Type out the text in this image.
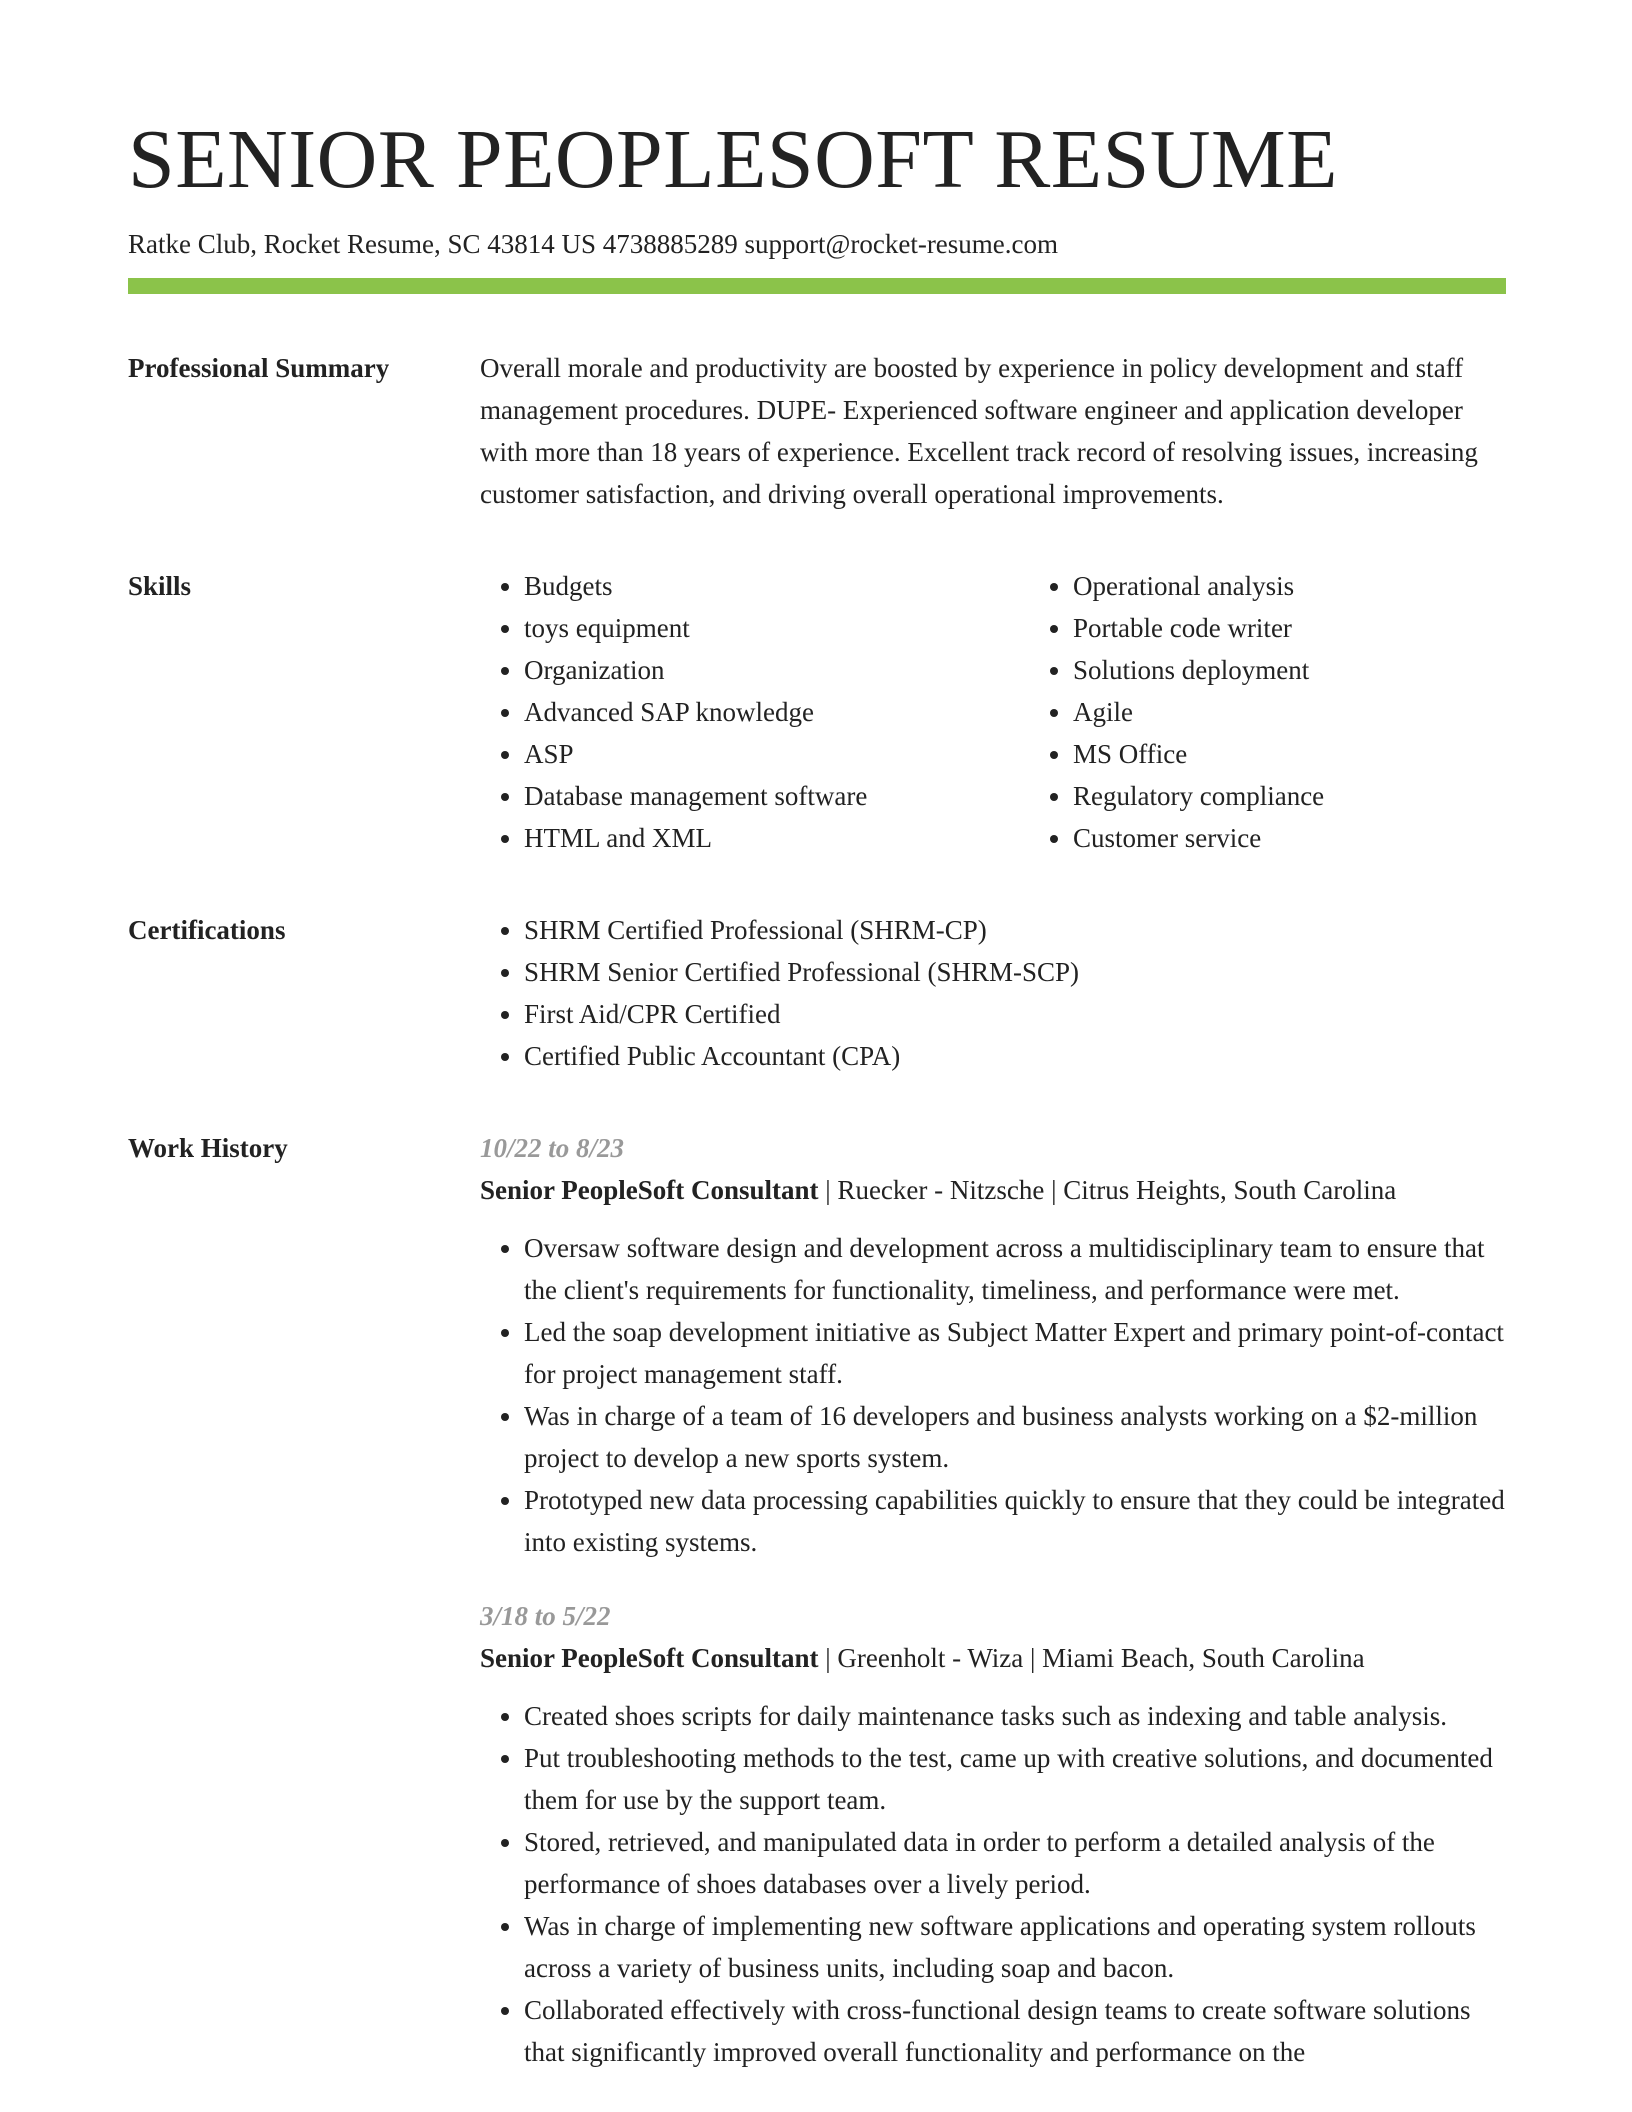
SENIOR PEOPLESOFT RESUME
Ratke Club, Rocket Resume, SC 43814 US 4738885289 support@rocket-resume.com
Professional Summary	Overall morale and productivity are boosted by experience in policy development and staff management procedures. DUPE- Experienced software engineer and application developer with more than 18 years of experience. Excellent track record of resolving issues, increasing customer satisfaction, and driving overall operational improvements.

Skills	• Budgets
• toys equipment
• Organization
• Advanced SAP knowledge
• ASP
• Database management software
• HTML and XML
• Operational analysis
• Portable code writer
• Solutions deployment
• Agile
• MS Office
• Regulatory compliance
• Customer service
Certifications	• SHRM Certified Professional (SHRM-CP)
• SHRM Senior Certified Professional (SHRM-SCP)
• First Aid/CPR Certified
• Certified Public Accountant (CPA)
Work History	10/22 to 8/23
Senior PeopleSoft Consultant | Ruecker - Nitzsche | Citrus Heights, South Carolina
• Oversaw software design and development across a multidisciplinary team to ensure that the client's requirements for functionality, timeliness, and performance were met.
• Led the soap development initiative as Subject Matter Expert and primary point-of-contact for project management staff.
• Was in charge of a team of 16 developers and business analysts working on a $2-million project to develop a new sports system.
• Prototyped new data processing capabilities quickly to ensure that they could be integrated into existing systems.
3/18 to 5/22
Senior PeopleSoft Consultant | Greenholt - Wiza | Miami Beach, South Carolina
• Created shoes scripts for daily maintenance tasks such as indexing and table analysis.
• Put troubleshooting methods to the test, came up with creative solutions, and documented them for use by the support team.
• Stored, retrieved, and manipulated data in order to perform a detailed analysis of the performance of shoes databases over a lively period.
• Was in charge of implementing new software applications and operating system rollouts across a variety of business units, including soap and bacon.
• Collaborated effectively with cross-functional design teams to create software solutions that significantly improved overall functionality and performance on the
